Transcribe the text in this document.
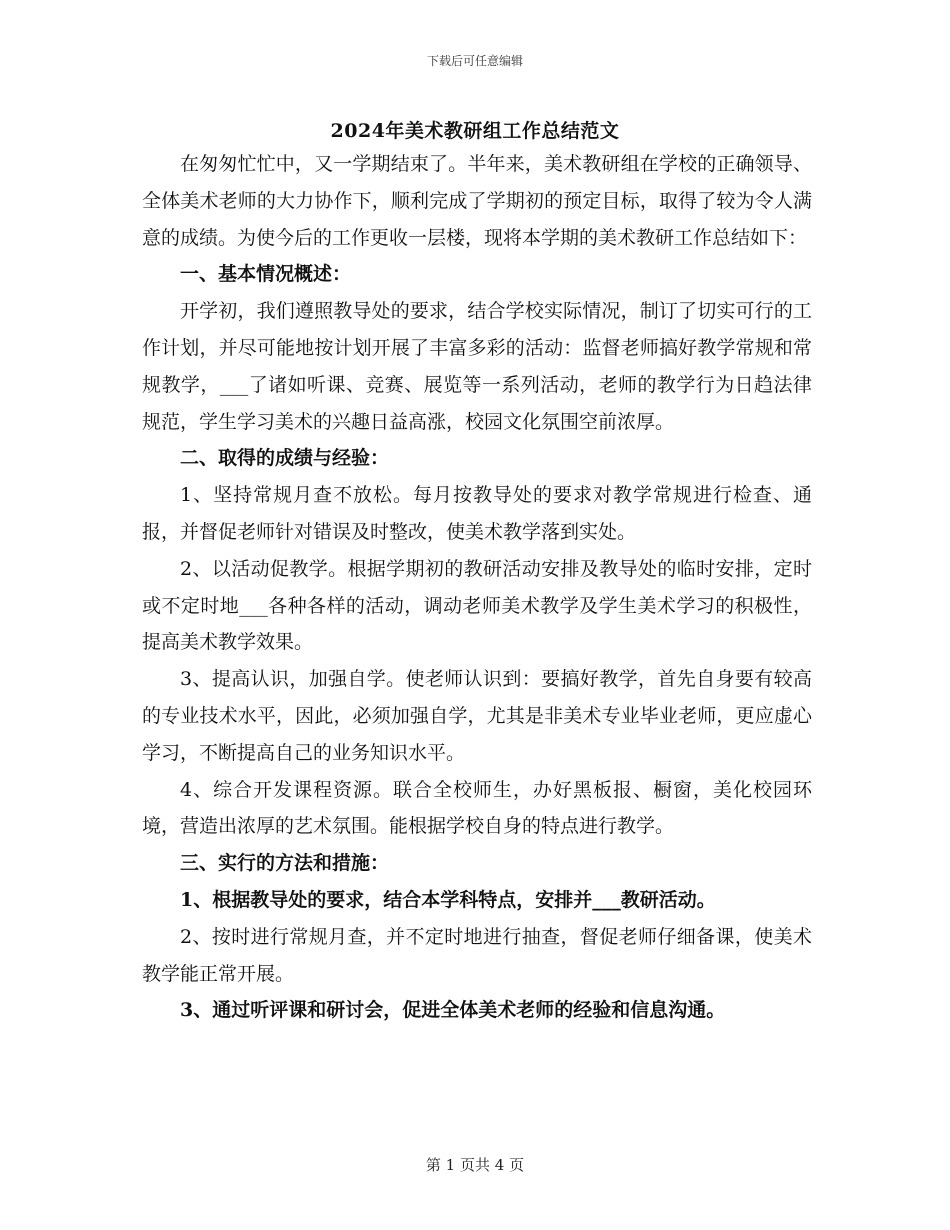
下载后可任意编辑
2024年美术教研组工作总结范文

在匆匆忙忙中，又一学期结束了。半年来，美术教研组在学校的正确领导、全体美术老师的大力协作下，顺利完成了学期初的预定目标，取得了较为令人满意的成绩。为使今后的工作更收一层楼，现将本学期的美术教研工作总结如下：

一、基本情况概述：

开学初，我们遵照教导处的要求，结合学校实际情况，制订了切实可行的工作计划，并尽可能地按计划开展了丰富多彩的活动：监督老师搞好教学常规和常规教学，___了诸如听课、竞赛、展览等一系列活动，老师的教学行为日趋法律规范，学生学习美术的兴趣日益高涨，校园文化氛围空前浓厚。

二、取得的成绩与经验：

1、坚持常规月查不放松。每月按教导处的要求对教学常规进行检查、通报，并督促老师针对错误及时整改，使美术教学落到实处。

2、以活动促教学。根据学期初的教研活动安排及教导处的临时安排，定时或不定时地___各种各样的活动，调动老师美术教学及学生美术学习的积极性，提高美术教学效果。

3、提高认识，加强自学。使老师认识到：要搞好教学，首先自身要有较高的专业技术水平，因此，必须加强自学，尤其是非美术专业毕业老师，更应虚心学习，不断提高自己的业务知识水平。

4、综合开发课程资源。联合全校师生，办好黑板报、橱窗，美化校园环境，营造出浓厚的艺术氛围。能根据学校自身的特点进行教学。

三、实行的方法和措施：

1、根据教导处的要求，结合本学科特点，安排并___教研活动。

2、按时进行常规月查，并不定时地进行抽查，督促老师仔细备课，使美术教学能正常开展。

3、通过听评课和研讨会，促进全体美术老师的经验和信息沟通。

第 1 页共 4 页
